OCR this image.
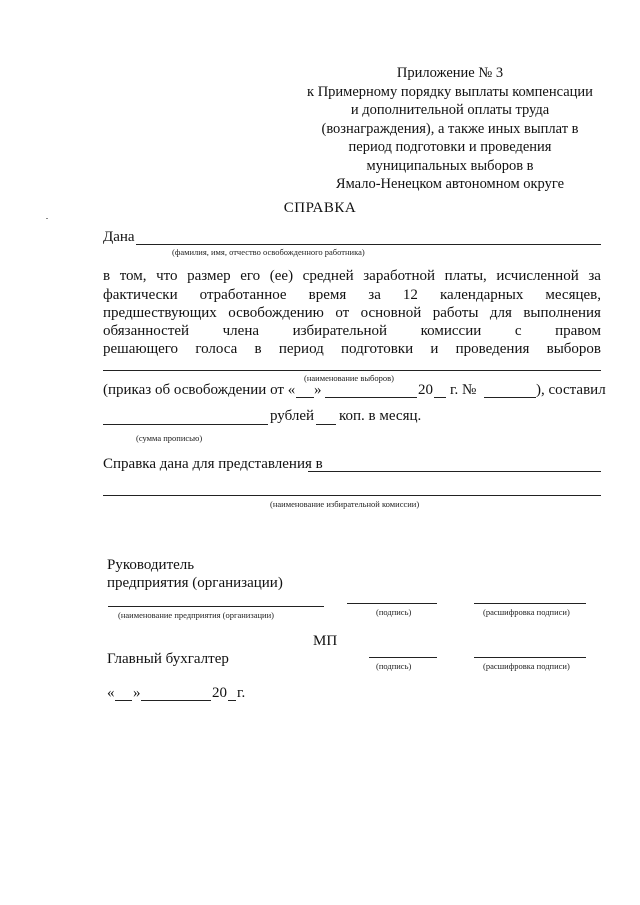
Приложение № 3
к Примерному порядку выплаты компенсации
и дополнительной оплаты труда
(вознаграждения), а также иных выплат в
период подготовки и проведения
муниципальных выборов в
Ямало-Ненецком автономном округе
СПРАВКА
Дана
(фамилия, имя, отчество освобожденного работника)
в том, что размер его (ее) средней заработной платы, исчисленной за
фактически отработанное время за 12 календарных месяцев,
предшествующих освобождению от основной работы для выполнения
обязанностей члена избирательной комиссии с правом
решающего голоса в период подготовки и проведения выборов
(наименование выборов)
(приказ об освобождении от « »	20 г. №	), составил
рублей коп. в месяц.
(сумма прописью)
Справка дана для представления в
(наименование избирательной комиссии)
Руководитель
предприятия (организации)
(наименование предприятия (организации)	(подпись)	(расшифровка подписи)
МП
Главный бухгалтер	(подпись)	(расшифровка подписи)
« »	20 г.
